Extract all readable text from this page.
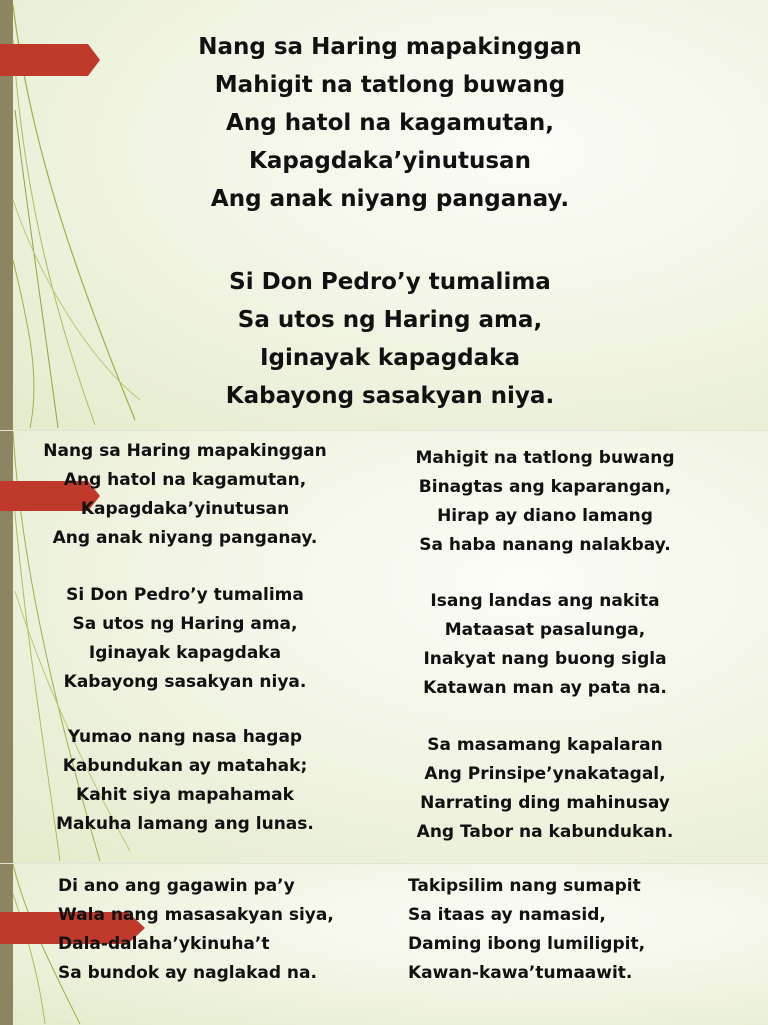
Nang sa Haring mapakinggan

Mahigit na tatlong buwang

Ang hatol na kagamutan,

Kapagdaka’yinutusan

Ang anak niyang panganay.

Si Don Pedro’y tumalima

Sa utos ng Haring ama,

Iginayak kapagdaka

Kabayong sasakyan niya.

Nang sa Haring mapakinggan

Ang hatol na kagamutan,

Kapagdaka’yinutusan

Ang anak niyang panganay.

Si Don Pedro’y tumalima

Sa utos ng Haring ama,

Iginayak kapagdaka

Kabayong sasakyan niya.

Yumao nang nasa hagap

Kabundukan ay matahak;

Kahit siya mapahamak

Makuha lamang ang lunas.

Mahigit na tatlong buwang

Binagtas ang kaparangan,

Hirap ay diano lamang

Sa haba nanang nalakbay.

Isang landas ang nakita

Mataasat pasalunga,

Inakyat nang buong sigla

Katawan man ay pata na.

Sa masamang kapalaran

Ang Prinsipe’ynakatagal,

Narrating ding mahinusay

Ang Tabor na kabundukan.

Di ano ang gagawin pa’y

Wala nang masasakyan siya,

Dala-dalaha’ykinuha’t

Sa bundok ay naglakad na.

Takipsilim nang sumapit

Sa itaas ay namasid,

Daming ibong lumiligpit,

Kawan-kawa’tumaawit.
